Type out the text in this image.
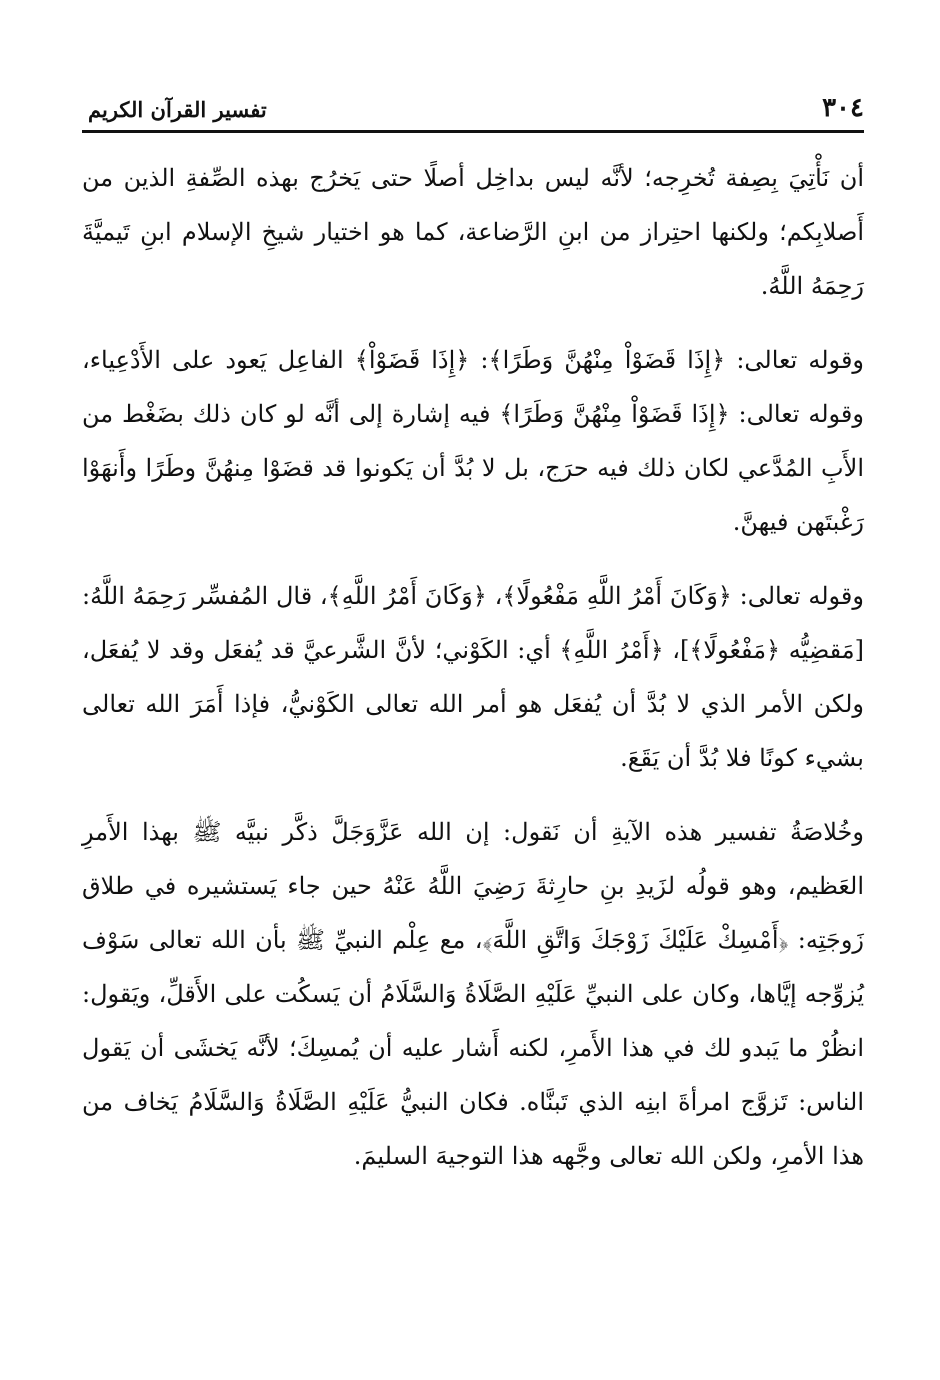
٣٠٤
تفسير القرآن الكريم

أن نَأْتِيَ بِصِفة تُخرِجه؛ لأنَّه ليس بداخِل أصلًا حتى يَخرُج بهذه الصِّفةِ الذين من أَصلابِكم؛ ولكنها احتِراز من ابنِ الرَّضاعة، كما هو اختيار شيخِ الإسلام ابنِ تَيميَّةَ رَحِمَهُ اللَّهُ.

وقوله تعالى: ﴿إِذَا قَضَوْاْ مِنْهُنَّ وَطَرًا﴾: ﴿إِذَا قَضَوْاْ﴾ الفاعِل يَعود على الأَدْعِياء، وقوله تعالى: ﴿إِذَا قَضَوْاْ مِنْهُنَّ وَطَرًا﴾ فيه إشارة إلى أنَّه لو كان ذلك بضَغْط من الأَبِ المُدَّعي لكان ذلك فيه حرَج، بل لا بُدَّ أن يَكونوا قد قضَوْا مِنهُنَّ وطَرًا وأَنهَوْا رَغْبتَهن فيهنَّ.

وقوله تعالى: ﴿وَكَانَ أَمْرُ اللَّهِ مَفْعُولًا﴾، ﴿وَكَانَ أَمْرُ اللَّهِ﴾، قال المُفسِّر رَحِمَهُ اللَّهُ: [مَقضِيُّه ﴿مَفْعُولًا﴾]، ﴿أَمْرُ اللَّهِ﴾ أي: الكَوْني؛ لأنَّ الشَّرعيَّ قد يُفعَل وقد لا يُفعَل، ولكن الأمر الذي لا بُدَّ أن يُفعَل هو أمر الله تعالى الكَوْنيُّ، فإذا أَمَرَ الله تعالى بشيء كونًا فلا بُدَّ أن يَقَعَ.

وخُلاصَةُ تفسير هذه الآيةِ أن نَقول: إن الله عَزَّوَجَلَّ ذكَّر نبيَّه ﷺ بهذا الأَمرِ العَظيم، وهو قولُه لزَيدِ بنِ حارِثةَ رَضِيَ اللَّهُ عَنْهُ حين جاء يَستشيره في طلاق زَوجَتِه: ﴿أَمْسِكْ عَلَيْكَ زَوْجَكَ وَاتَّقِ اللَّهَ﴾، مع عِلْم النبيِّ ﷺ بأن الله تعالى سَوْف يُزوِّجه إيَّاها، وكان على النبيِّ عَلَيْهِ الصَّلَاةُ وَالسَّلَامُ أن يَسكُت على الأَقلِّ، ويَقول: انظُرْ ما يَبدو لك في هذا الأَمرِ، لكنه أَشار عليه أن يُمسِكَ؛ لأنَّه يَخشَى أن يَقول الناس: تَزوَّج امرأةَ ابنِه الذي تَبنَّاه. فكان النبيُّ عَلَيْهِ الصَّلَاةُ وَالسَّلَامُ يَخاف من هذا الأمرِ، ولكن الله تعالى وجَّهه هذا التوجيهَ السليمَ.
